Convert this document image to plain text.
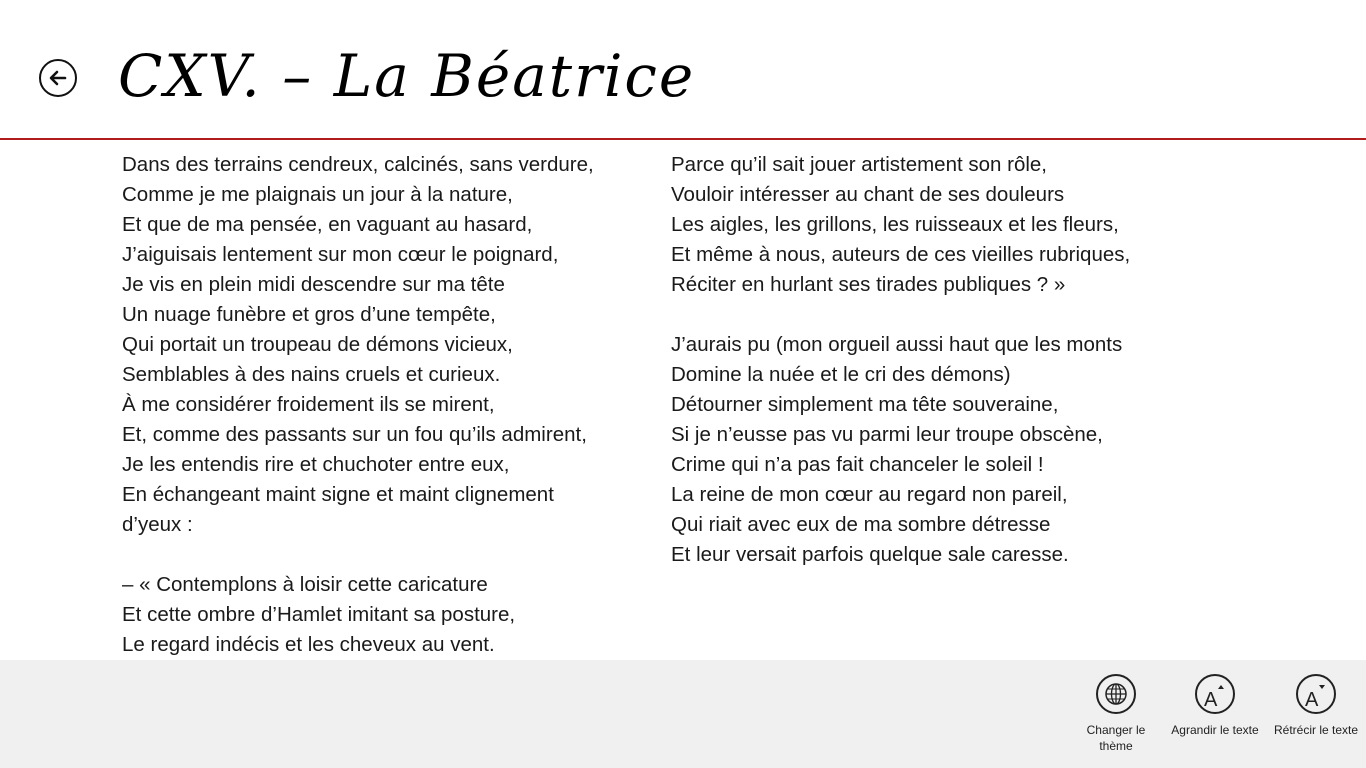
CXV. – La Béatrice
Dans des terrains cendreux, calcinés, sans verdure,
Comme je me plaignais un jour à la nature,
Et que de ma pensée, en vaguant au hasard,
J’aiguisais lentement sur mon cœur le poignard,
Je vis en plein midi descendre sur ma tête
Un nuage funèbre et gros d’une tempête,
Qui portait un troupeau de démons vicieux,
Semblables à des nains cruels et curieux.
À me considérer froidement ils se mirent,
Et, comme des passants sur un fou qu’ils admirent,
Je les entendis rire et chuchoter entre eux,
En échangeant maint signe et maint clignement
d’yeux :
– « Contemplons à loisir cette caricature
Et cette ombre d’Hamlet imitant sa posture,
Le regard indécis et les cheveux au vent.
Parce qu’il sait jouer artistement son rôle,
Vouloir intéresser au chant de ses douleurs
Les aigles, les grillons, les ruisseaux et les fleurs,
Et même à nous, auteurs de ces vieilles rubriques,
Réciter en hurlant ses tirades publiques ? »
J’aurais pu (mon orgueil aussi haut que les monts
Domine la nuée et le cri des démons)
Détourner simplement ma tête souveraine,
Si je n’eusse pas vu parmi leur troupe obscène,
Crime qui n’a pas fait chanceler le soleil !
La reine de mon cœur au regard non pareil,
Qui riait avec eux de ma sombre détresse
Et leur versait parfois quelque sale caresse.
Changer le thème
A
Agrandir le texte
A
Rétrécir le texte
